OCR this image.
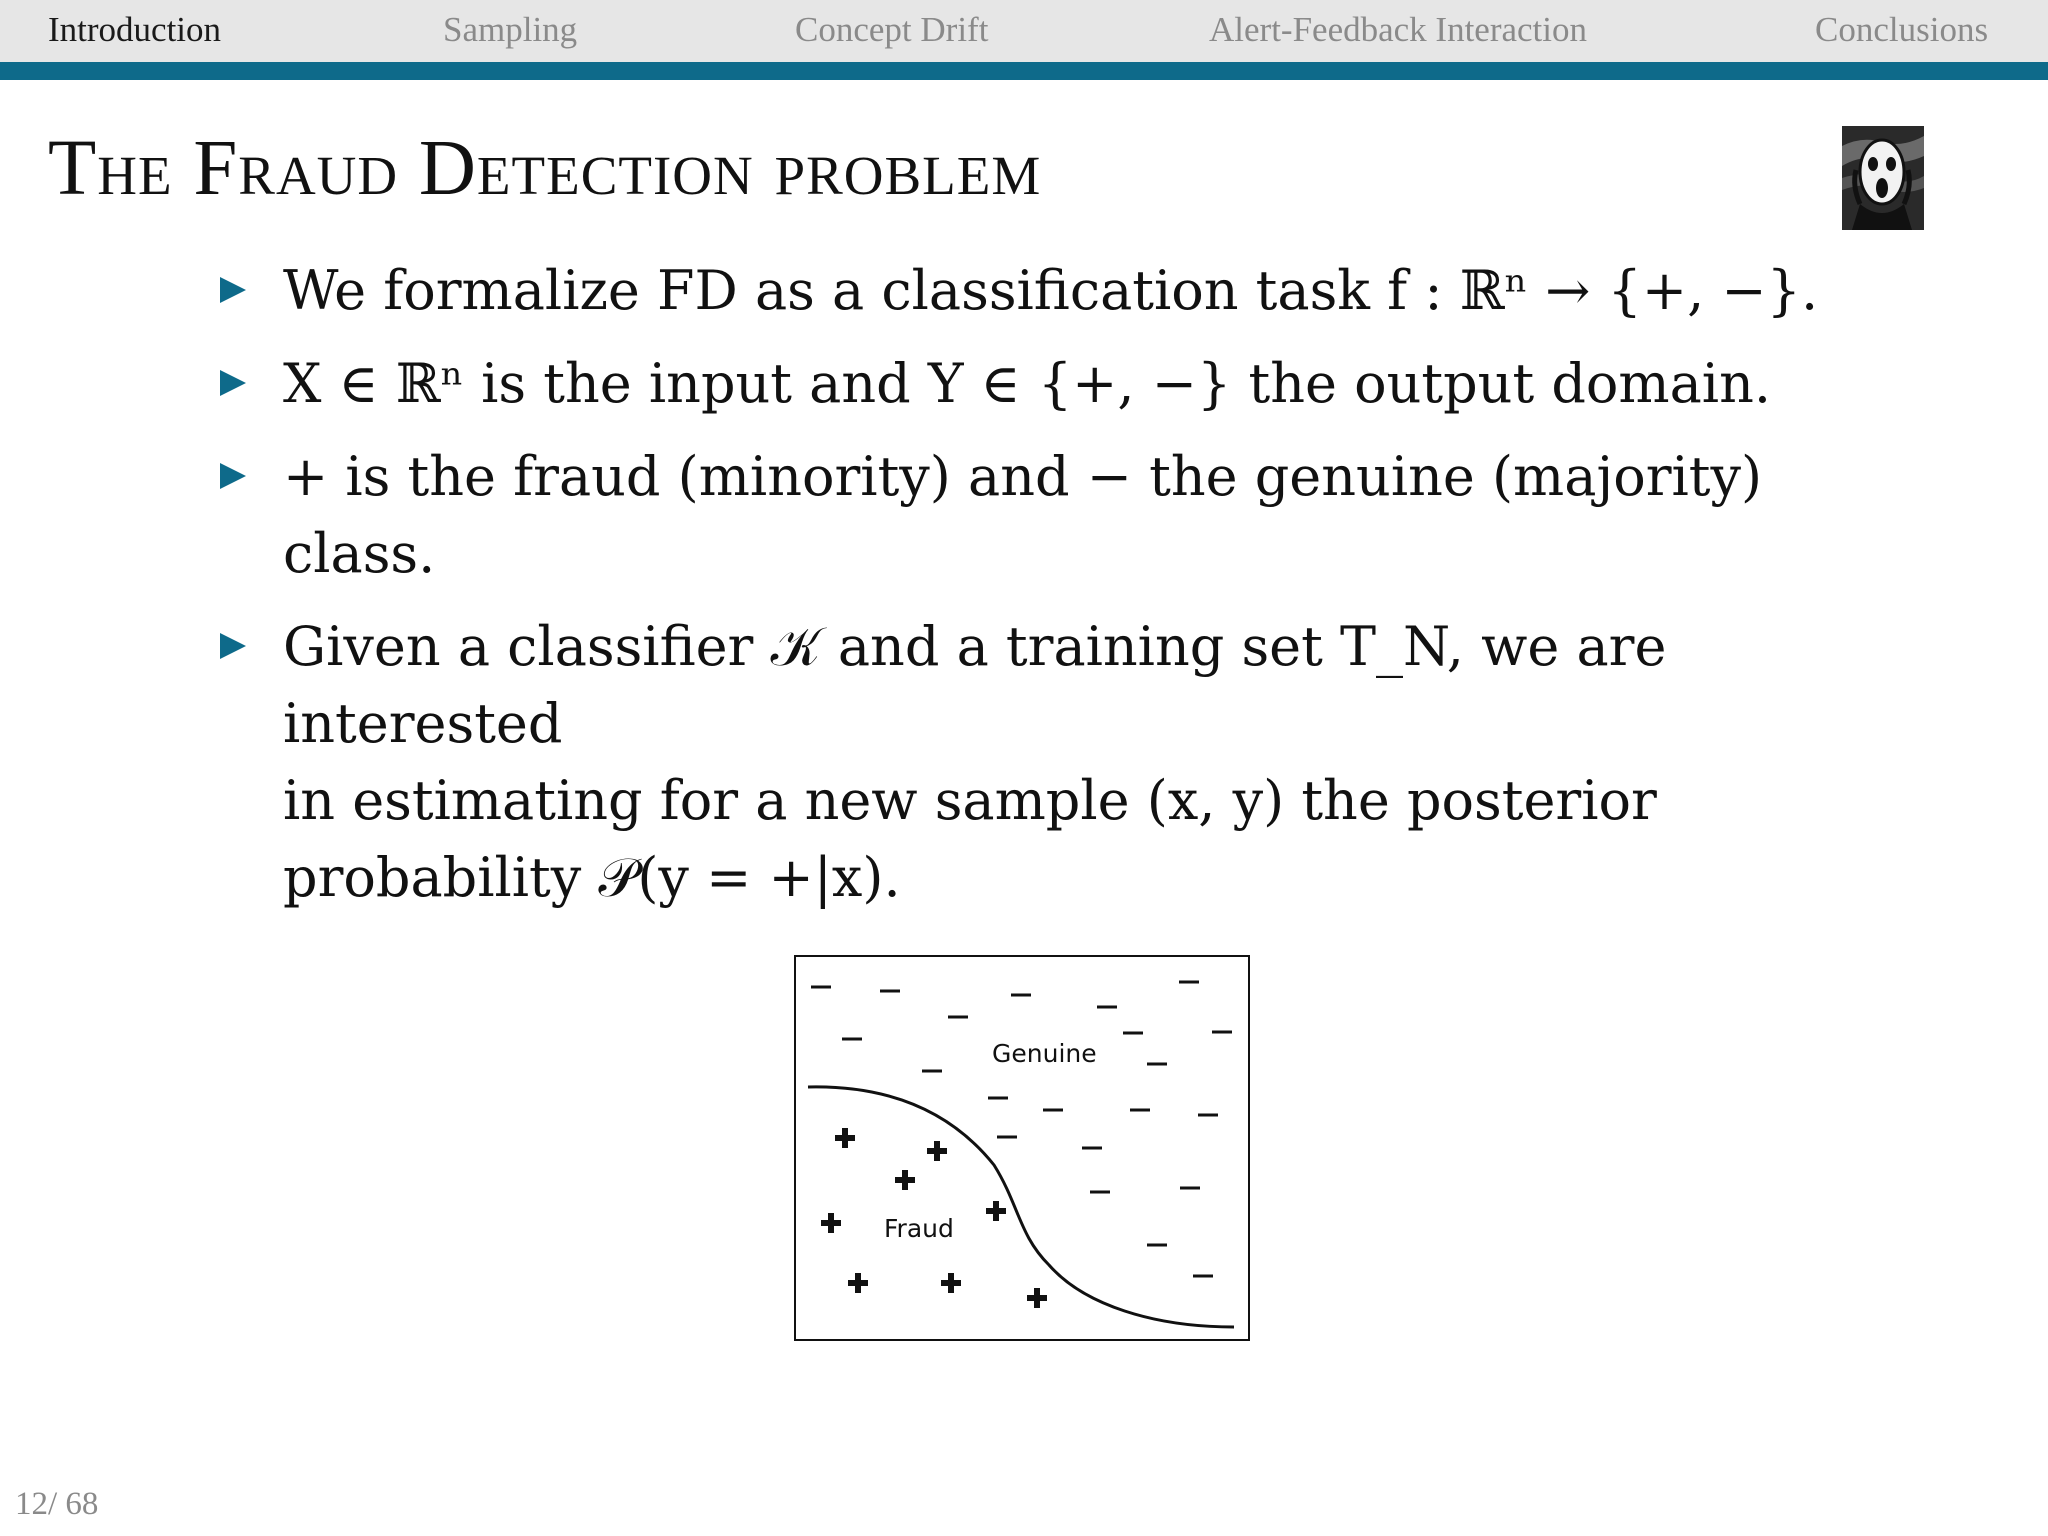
Introduction	Sampling	Concept Drift	Alert-Feedback Interaction	Conclusions
The Fraud Detection problem
We formalize FD as a classification task f : ℝⁿ → {+, −}.
X ∈ ℝⁿ is the input and Y ∈ {+, −} the output domain.
+ is the fraud (minority) and − the genuine (majority)
class.
Given a classifier 𝒦 and a training set T_N, we are interested
in estimating for a new sample (x, y) the posterior
probability 𝒫(y = +|x).
Genuine
Fraud
12/ 68
